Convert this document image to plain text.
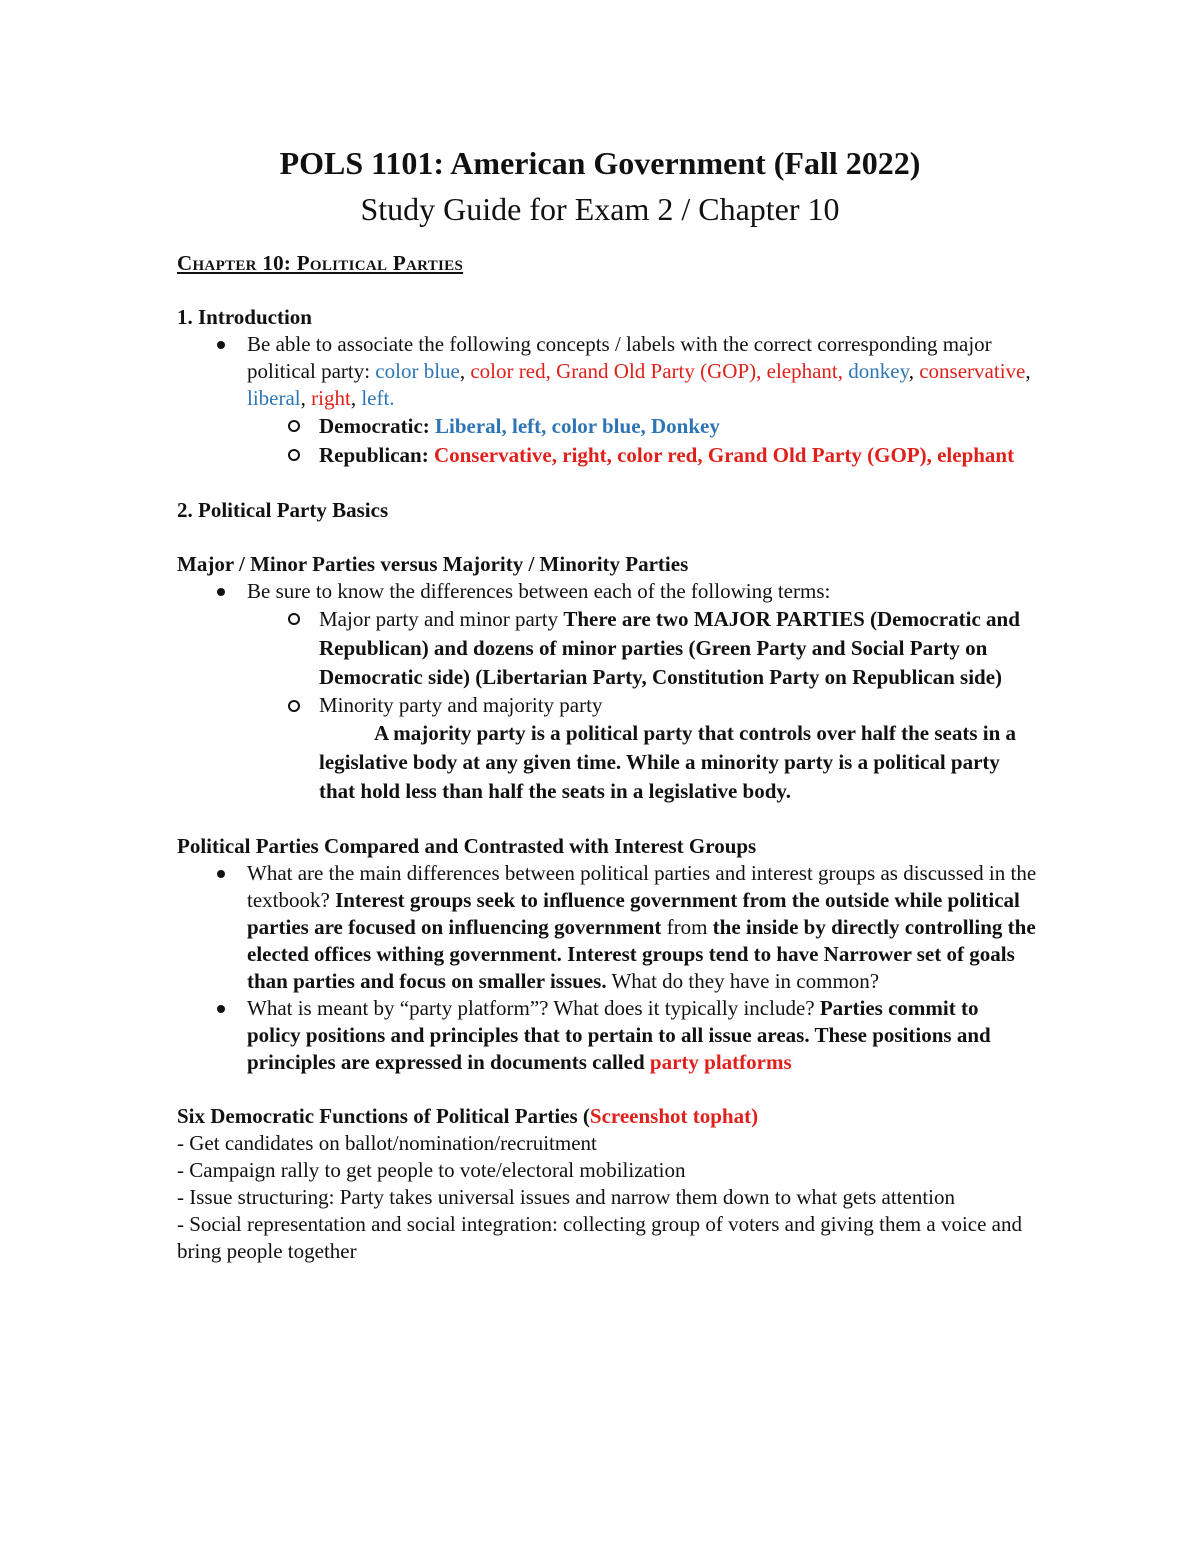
POLS 1101: American Government (Fall 2022)

Study Guide for Exam 2 / Chapter 10

Chapter 10: Political Parties

1. Introduction

Be able to associate the following concepts / labels with the correct corresponding major political party: color blue, color red, Grand Old Party (GOP), elephant, donkey, conservative, liberal, right, left.
Democratic: Liberal, left, color blue, Donkey
Republican: Conservative, right, color red, Grand Old Party (GOP), elephant

2. Political Party Basics

Major / Minor Parties versus Majority / Minority Parties

Be sure to know the differences between each of the following terms:
Major party and minor party There are two MAJOR PARTIES (Democratic and Republican) and dozens of minor parties (Green Party and Social Party on Democratic side) (Libertarian Party, Constitution Party on Republican side)
Minority party and majority party

A majority party is a political party that controls over half the seats in a legislative body at any given time. While a minority party is a political party that hold less than half the seats in a legislative body.

Political Parties Compared and Contrasted with Interest Groups

What are the main differences between political parties and interest groups as discussed in the textbook? Interest groups seek to influence government from the outside while political parties are focused on influencing government from the inside by directly controlling the elected offices withing government. Interest groups tend to have Narrower set of goals than parties and focus on smaller issues. What do they have in common?
What is meant by “party platform”? What does it typically include? Parties commit to policy positions and principles that to pertain to all issue areas. These positions and principles are expressed in documents called party platforms

Six Democratic Functions of Political Parties (Screenshot tophat)

- Get candidates on ballot/nomination/recruitment

- Campaign rally to get people to vote/electoral mobilization

- Issue structuring: Party takes universal issues and narrow them down to what gets attention

- Social representation and social integration: collecting group of voters and giving them a voice and bring people together
